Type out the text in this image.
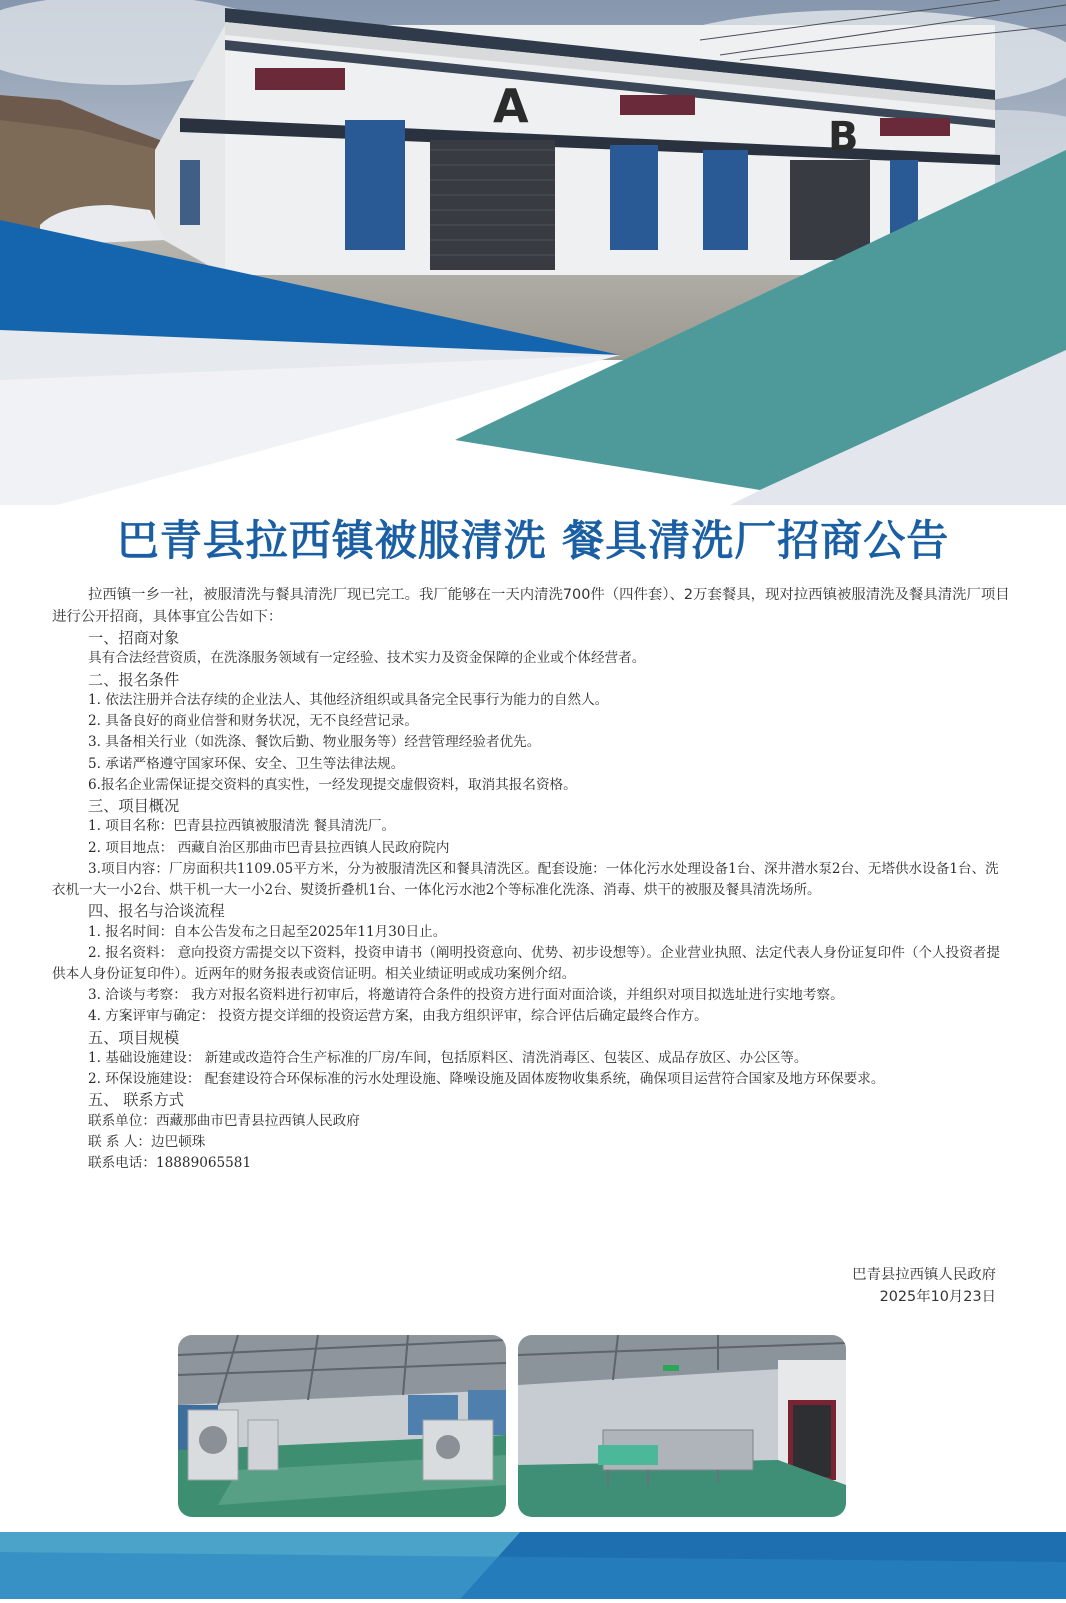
A
B
巴青县拉西镇被服清洗 餐具清洗厂招商公告

拉西镇一乡一社，被服清洗与餐具清洗厂现已完工。我厂能够在一天内清洗700件（四件套）、2万套餐具，现对拉西镇被服清洗及餐具清洗厂项目进行公开招商，具体事宜公告如下：

一、招商对象

具有合法经营资质，在洗涤服务领域有一定经验、技术实力及资金保障的企业或个体经营者。

二、报名条件

1. 依法注册并合法存续的企业法人、其他经济组织或具备完全民事行为能力的自然人。

2. 具备良好的商业信誉和财务状况，无不良经营记录。

3. 具备相关行业（如洗涤、餐饮后勤、物业服务等）经营管理经验者优先。

5. 承诺严格遵守国家环保、安全、卫生等法律法规。

6.报名企业需保证提交资料的真实性，一经发现提交虚假资料，取消其报名资格。

三、项目概况

1. 项目名称：巴青县拉西镇被服清洗 餐具清洗厂。

2. 项目地点： 西藏自治区那曲市巴青县拉西镇人民政府院内

3.项目内容：厂房面积共1109.05平方米，分为被服清洗区和餐具清洗区。配套设施：一体化污水处理设备1台、深井潜水泵2台、无塔供水设备1台、洗衣机一大一小2台、烘干机一大一小2台、熨烫折叠机1台、一体化污水池2个等标准化洗涤、消毒、烘干的被服及餐具清洗场所。

四、报名与洽谈流程

1. 报名时间：自本公告发布之日起至2025年11月30日止。

2. 报名资料： 意向投资方需提交以下资料，投资申请书（阐明投资意向、优势、初步设想等）。企业营业执照、法定代表人身份证复印件（个人投资者提供本人身份证复印件）。近两年的财务报表或资信证明。相关业绩证明或成功案例介绍。

3. 洽谈与考察： 我方对报名资料进行初审后，将邀请符合条件的投资方进行面对面洽谈，并组织对项目拟选址进行实地考察。

4. 方案评审与确定： 投资方提交详细的投资运营方案，由我方组织评审，综合评估后确定最终合作方。

五、项目规模

1. 基础设施建设： 新建或改造符合生产标准的厂房/车间，包括原料区、清洗消毒区、包装区、成品存放区、办公区等。

2. 环保设施建设： 配套建设符合环保标准的污水处理设施、降噪设施及固体废物收集系统，确保项目运营符合国家及地方环保要求。

五、 联系方式

联系单位：西藏那曲市巴青县拉西镇人民政府

联 系 人：边巴顿珠

联系电话：18889065581

巴青县拉西镇人民政府
2025年10月23日
